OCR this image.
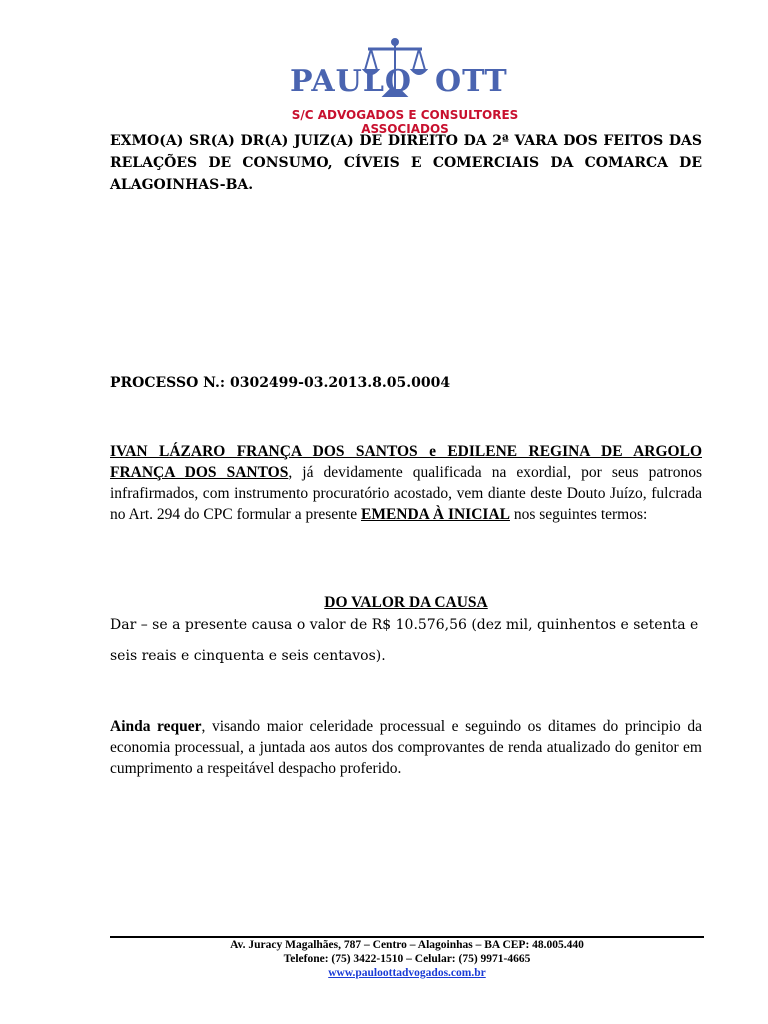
PAULO OTT
S/C ADVOGADOS E CONSULTORES ASSOCIADOS
EXMO(A) SR(A) DR(A) JUIZ(A) DE DIREITO DA 2ª VARA DOS FEITOS DAS RELAÇÕES DE CONSUMO, CÍVEIS E COMERCIAIS DA COMARCA DE ALAGOINHAS-BA.
PROCESSO N.: 0302499-03.2013.8.05.0004
IVAN LÁZARO FRANÇA DOS SANTOS e EDILENE REGINA DE ARGOLO FRANÇA DOS SANTOS, já devidamente qualificada na exordial, por seus patronos infrafirmados, com instrumento procuratório acostado, vem diante deste Douto Juízo, fulcrada no Art. 294 do CPC formular a presente EMENDA À INICIAL nos seguintes termos:
DO VALOR DA CAUSA
Dar – se a presente causa o valor de R$ 10.576,56 (dez mil, quinhentos e setenta e seis reais e cinquenta e seis centavos).
Ainda requer, visando maior celeridade processual e seguindo os ditames do principio da economia processual, a juntada aos autos dos comprovantes de renda atualizado do genitor em cumprimento a respeitável despacho proferido.
Av. Juracy Magalhães, 787 – Centro – Alagoinhas – BA CEP: 48.005.440
Telefone: (75) 3422-1510 – Celular: (75) 9971-4665
www.pauloottadvogados.com.br
